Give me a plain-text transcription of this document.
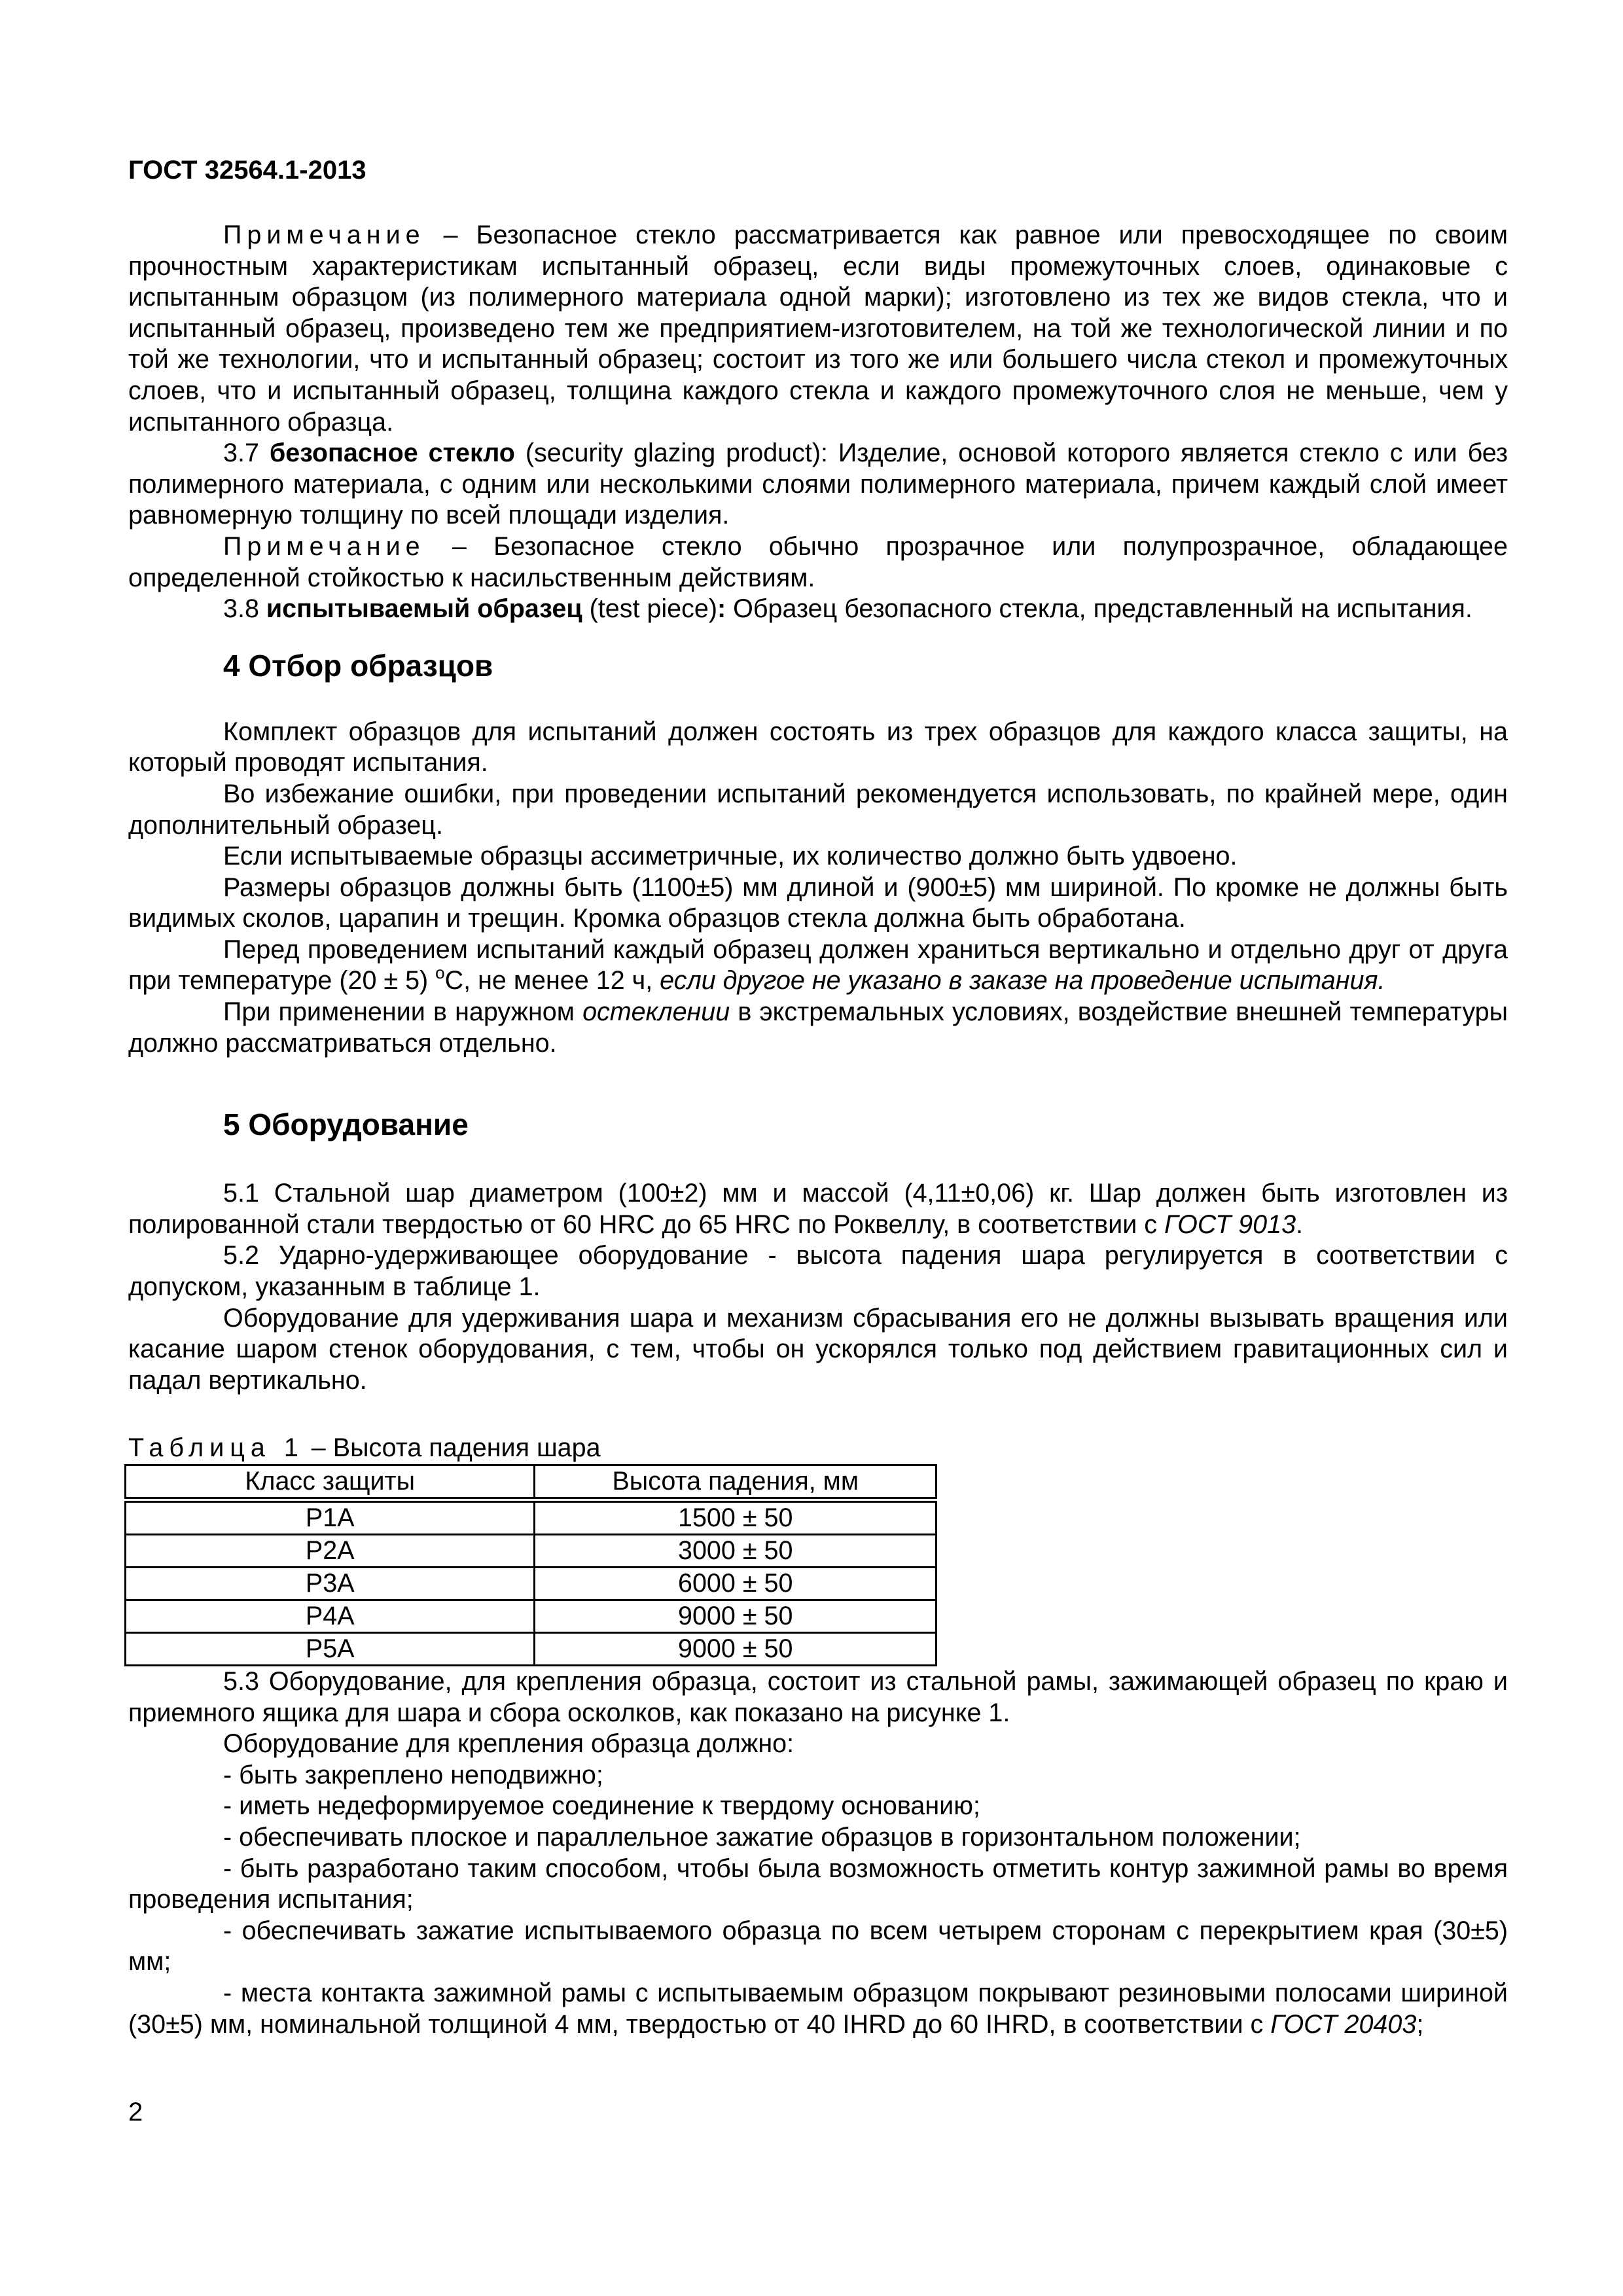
ГОСТ 32564.1-2013

Примечание – Безопасное стекло рассматривается как равное или превосходящее по своим прочностным характеристикам испытанный образец, если виды промежуточных слоев, одинаковые с испытанным образцом (из полимерного материала одной марки); изготовлено из тех же видов стекла, что и испытанный образец, произведено тем же предприятием-изготовителем, на той же технологической линии и по той же технологии, что и испытанный образец; состоит из того же или большего числа стекол и промежуточных слоев, что и испытанный образец, толщина каждого стекла и каждого промежуточного слоя не меньше, чем у испытанного образца.

3.7 безопасное стекло (security glazing product): Изделие, основой которого является стекло с или без полимерного материала, с одним или несколькими слоями полимерного материала, причем каждый слой имеет равномерную толщину по всей площади изделия.

Примечание – Безопасное стекло обычно прозрачное или полупрозрачное, обладающее определенной стойкостью к насильственным действиям.

3.8 испытываемый образец (test piece): Образец безопасного стекла, представленный на испытания.

4 Отбор образцов

Комплект образцов для испытаний должен состоять из трех образцов для каждого класса защиты, на который проводят испытания.

Во избежание ошибки, при проведении испытаний рекомендуется использовать, по крайней мере, один дополнительный образец.

Если испытываемые образцы ассиметричные, их количество должно быть удвоено.

Размеры образцов должны быть (1100±5) мм длиной и (900±5) мм шириной. По кромке не должны быть видимых сколов, царапин и трещин. Кромка образцов стекла должна быть обработана.

Перед проведением испытаний каждый образец должен храниться вертикально и отдельно друг от друга при температуре (20 ± 5) $^o$С, не менее 12 ч, если другое не указано в заказе на проведение испытания.

При применении в наружном остеклении в экстремальных условиях, воздействие внешней температуры должно рассматриваться отдельно.

5 Оборудование

5.1 Стальной шар диаметром (100±2) мм и массой (4,11±0,06) кг. Шар должен быть изготовлен из полированной стали твердостью от 60 HRC до 65 HRC по Роквеллу, в соответствии с ГОСТ 9013.

5.2 Ударно-удерживающее оборудование - высота падения шара регулируется в соответствии с допуском, указанным в таблице 1.

Оборудование для удерживания шара и механизм сбрасывания его не должны вызывать вращения или касание шаром стенок оборудования, с тем, чтобы он ускорялся только под действием гравитационных сил и падал вертикально.

Таблица 1 – Высота падения шара

Класс защиты	Высота падения, мм
P1A	1500 ± 50
P2A	3000 ± 50
P3A	6000 ± 50
P4A	9000 ± 50
P5A	9000 ± 50

5.3 Оборудование, для крепления образца, состоит из стальной рамы, зажимающей образец по краю и приемного ящика для шара и сбора осколков, как показано на рисунке 1.

Оборудование для крепления образца должно:

- быть закреплено неподвижно;

- иметь недеформируемое соединение к твердому основанию;

- обеспечивать плоское и параллельное зажатие образцов в горизонтальном положении;

- быть разработано таким способом, чтобы была возможность отметить контур зажимной рамы во время проведения испытания;

- обеспечивать зажатие испытываемого образца по всем четырем сторонам с перекрытием края (30±5) мм;

- места контакта зажимной рамы с испытываемым образцом покрывают резиновыми полосами шириной (30±5) мм, номинальной толщиной 4 мм, твердостью от 40 IHRD до 60 IHRD, в соответствии с ГОСТ 20403;

2
